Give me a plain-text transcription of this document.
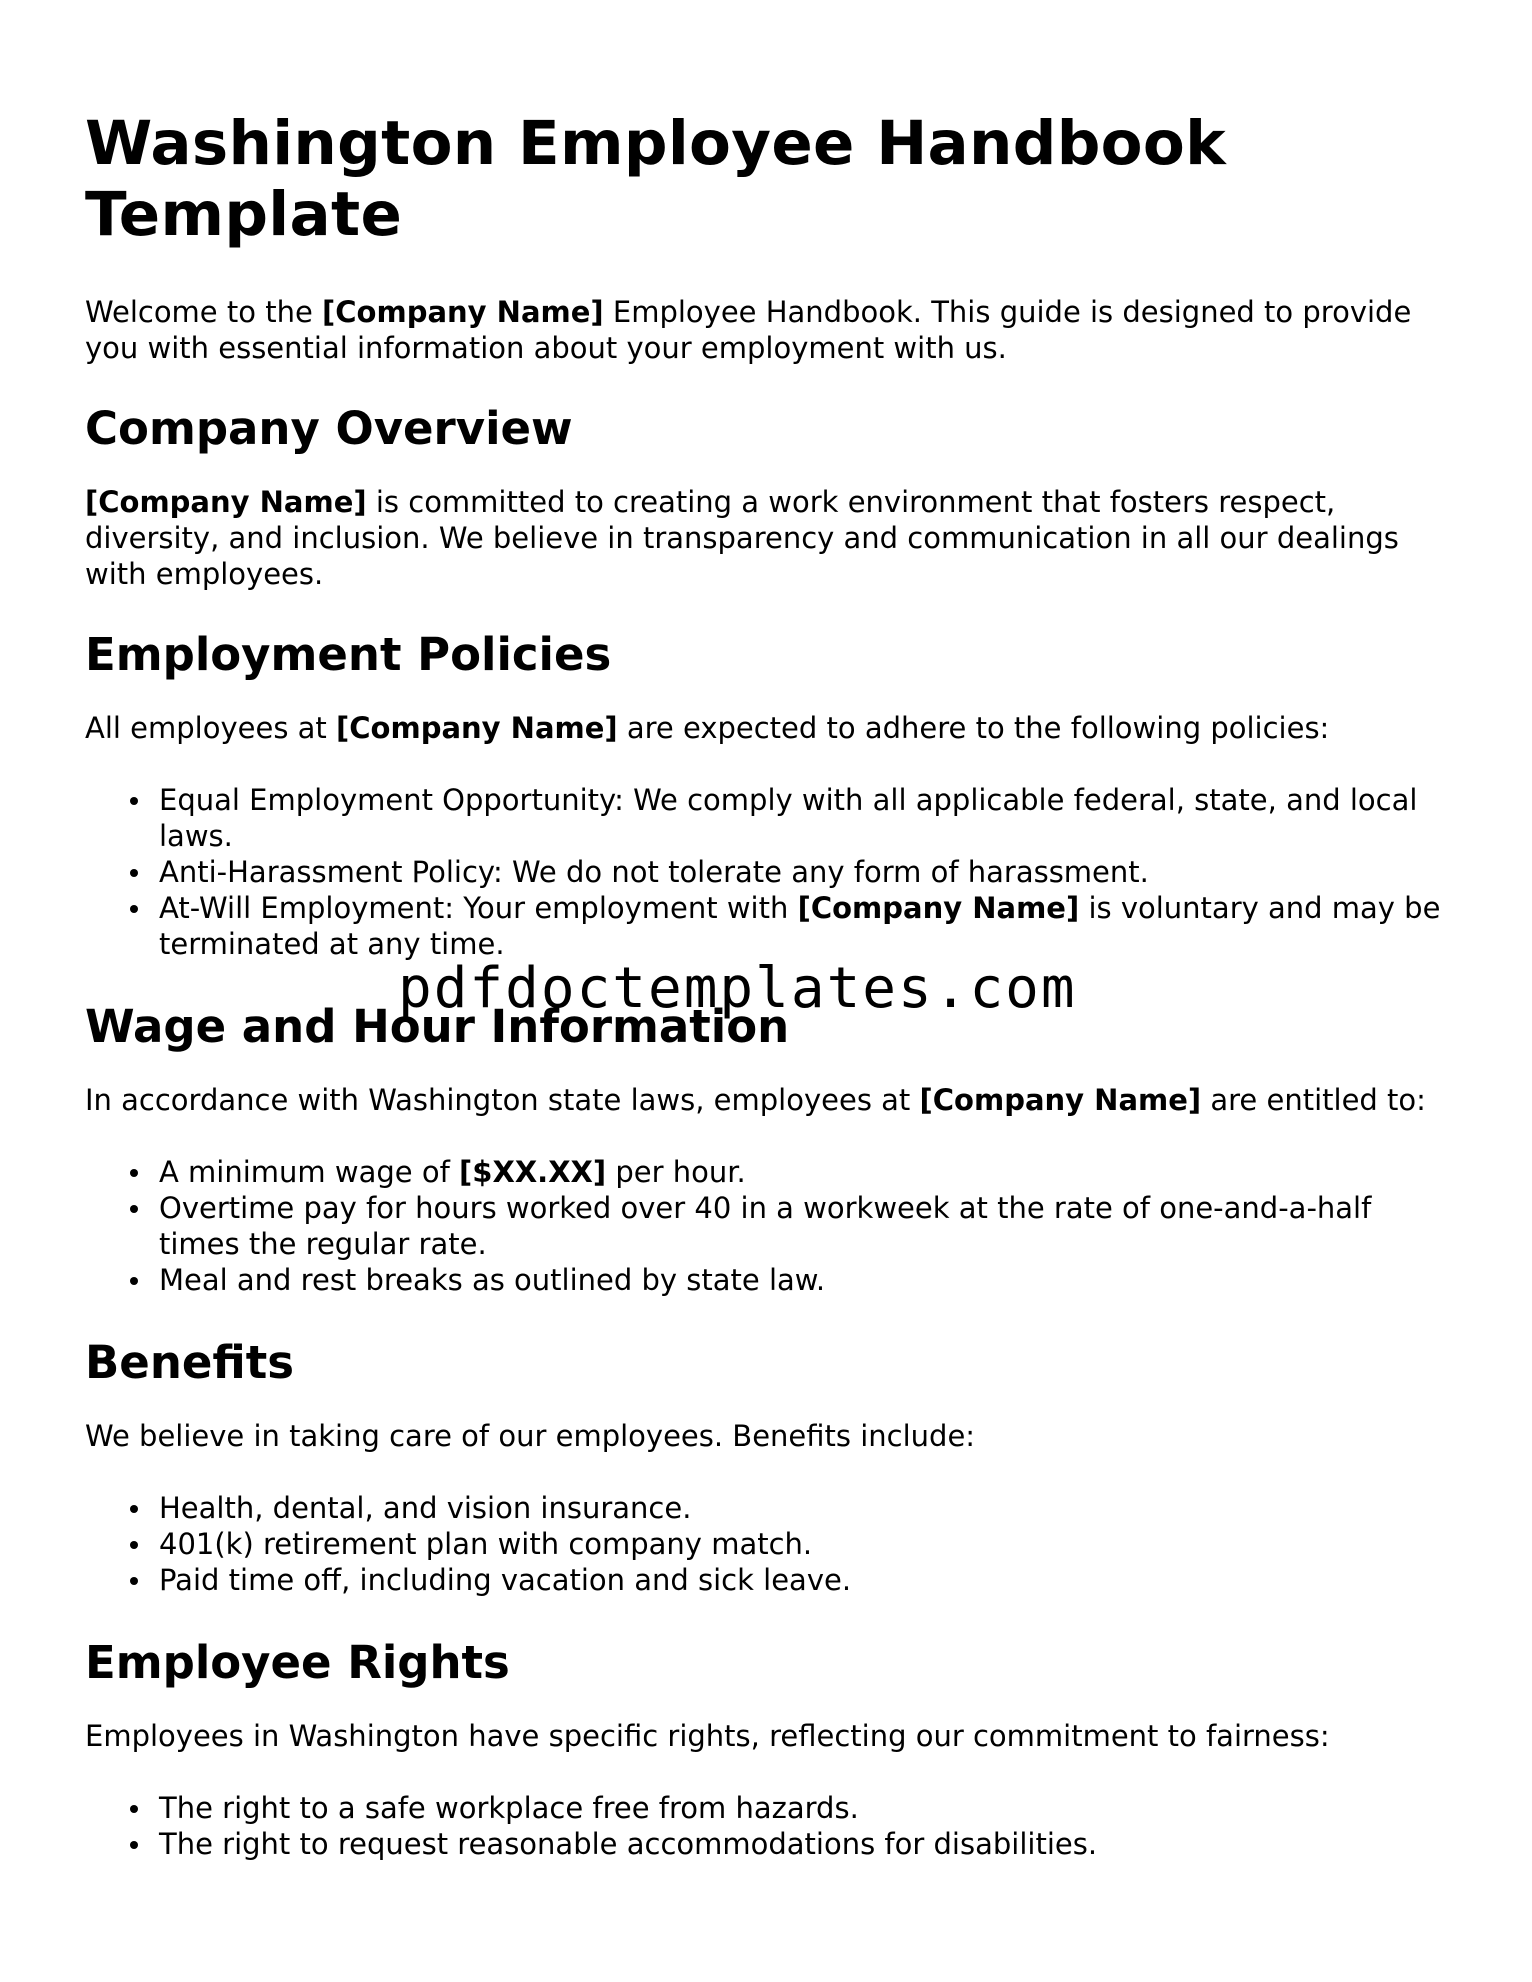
Washington Employee Handbook Template

Welcome to the [Company Name] Employee Handbook. This guide is designed to provide you with essential information about your employment with us.

Company Overview

[Company Name] is committed to creating a work environment that fosters respect, diversity, and inclusion. We believe in transparency and communication in all our dealings with employees.

Employment Policies

All employees at [Company Name] are expected to adhere to the following policies:

Equal Employment Opportunity: We comply with all applicable federal, state, and local laws.
Anti-Harassment Policy: We do not tolerate any form of harassment.
At-Will Employment: Your employment with [Company Name] is voluntary and may be terminated at any time.
Wage and Hour Information

In accordance with Washington state laws, employees at [Company Name] are entitled to:

A minimum wage of [$XX.XX] per hour.
Overtime pay for hours worked over 40 in a workweek at the rate of one-and-a-half times the regular rate.
Meal and rest breaks as outlined by state law.
Benefits

We believe in taking care of our employees. Benefits include:

Health, dental, and vision insurance.
401(k) retirement plan with company match.
Paid time off, including vacation and sick leave.
Employee Rights

Employees in Washington have specific rights, reflecting our commitment to fairness:

The right to a safe workplace free from hazards.
The right to request reasonable accommodations for disabilities.
pdfdoctemplates.com
